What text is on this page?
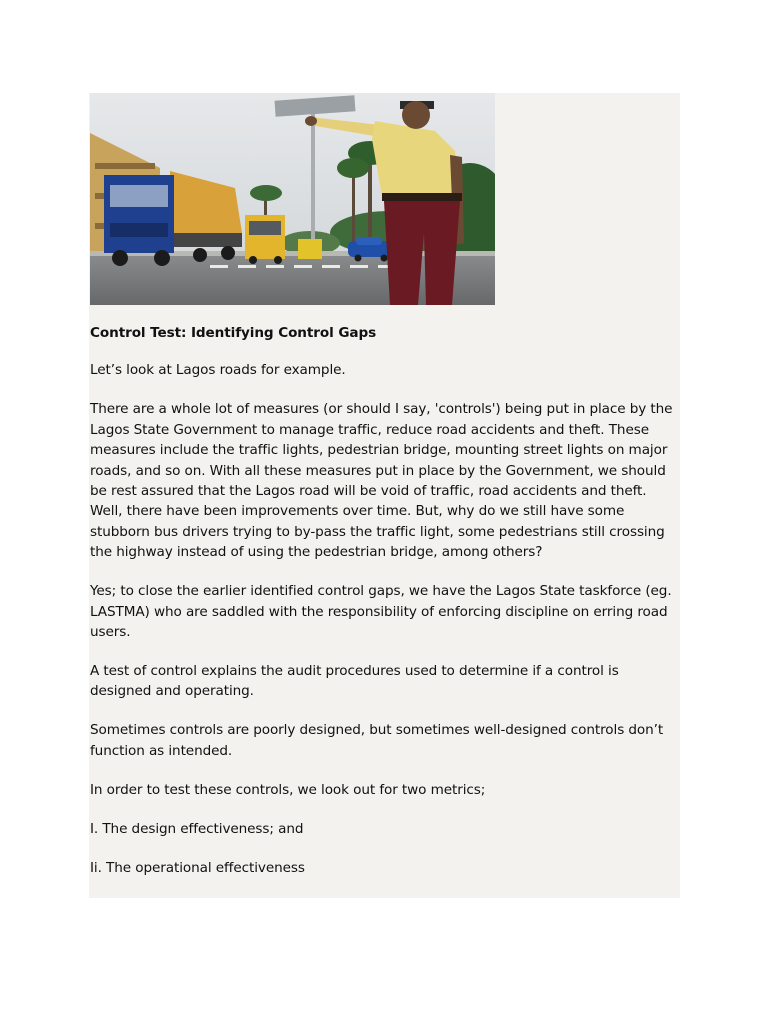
Control Test: Identifying Control Gaps

Let’s look at Lagos roads for example.

There are a whole lot of measures (or should I say, 'controls') being put in place by the Lagos State Government to manage traffic, reduce road accidents and theft. These measures include the traffic lights, pedestrian bridge, mounting street lights on major roads, and so on. With all these measures put in place by the Government, we should be rest assured that the Lagos road will be void of traffic, road accidents and theft. Well, there have been improvements over time. But, why do we still have some stubborn bus drivers trying to by-pass the traffic light, some pedestrians still crossing the highway instead of using the pedestrian bridge, among others?

Yes; to close the earlier identified control gaps, we have the Lagos State taskforce (eg. LASTMA) who are saddled with the responsibility of enforcing discipline on erring road users.

A test of control explains the audit procedures used to determine if a control is designed and operating.

Sometimes controls are poorly designed, but sometimes well-designed controls don’t function as intended.

In order to test these controls, we look out for two metrics;

I. The design effectiveness; and

Ii. The operational effectiveness
